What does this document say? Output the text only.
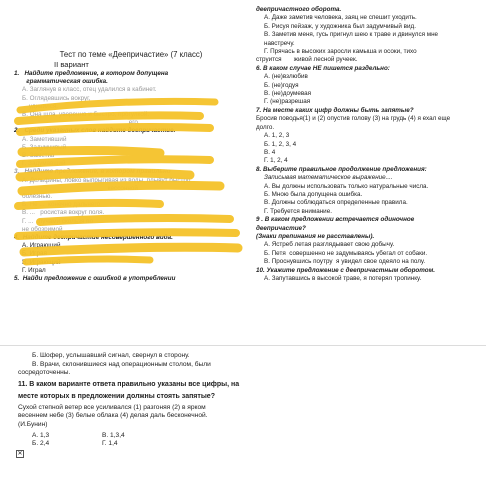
Тест по теме «Деепричастие» (7 класс)
II вариант
1.   Найдите предложение, в котором допущена
грамматическая ошибка.
А. Заглянув в класс, отец удалился в кабинет.
Б. Оглядевшись вокруг,
удивился.
В. Она шла, уверенно и быстро, прогулкой.
его.
2.   Среди указанных слов найдите деепричастие.
А. Заметивший
Б. Задумчивый
В. Заметив
Г. Задумавший
3.   Найдите предложение, в котором правильно
А. Дельфины, ловко выпрыгивая из воды, плывут быстро
кессонной
болезнью.
Б. Не ...  конечно дальнего
В. ...   росистая вокруг поля.
Г. ...   лучами скользя по
не обозримой
4.  Найдите деепричастие несовершенного вида.
А. Играющий
Б. Играя
В. Играющий
Г. Играл
5.  Найди предложение с ошибкой в употреблении
деепричастного оборота.
А. Даже заметив человека, заяц не спешит уходить.
Б. Рисуя пейзаж, у художника был задумчивый вид.
В. Заметив меня, гусь пригнул шею к траве и двинулся мне
навстречу.
Г. Прячась в высоких заросли камыша и осоки, тихо
струится       живой лесной ручеек.
6. В каком случае НЕ пишется раздельно:
А. (не)взлюбив
Б. (не)годуя
В. (не)доумевая
Г. (не)разрешая
7. На месте каких цифр должны быть запятые?
Бросив поводья(1) и (2) опустив голову (3) на грудь (4) я ехал еще
долго.
А. 1, 2, 3
Б. 1, 2, 3, 4
В. 4
Г. 1, 2, 4
8. Выберите правильное продолжение предложения:
Записывая математическое выражение....
А. Вы должны использовать только натуральные числа.
Б. Мною была допущена ошибка.
В. Должны соблюдаться определенные правила.
Г. Требуется внимание.
9 . В каком предложении встречается одиночное
деепричастие?
(Знаки препинания не расставлены).
А. Ястреб летая разглядывает свою добычу.
Б. Петя  совершенно не задумываясь убегал от собаки.
В. Проснувшись поутру  я увидел свое одеяло на полу.
10. Укажите предложение с деепричастным оборотом.
А. Запутавшись в высокой траве, я потерял тропинку.
Б. Шофер, услышавший сигнал, свернул в сторону.
В. Врачи, склонившиеся над операционным столом, были
сосредоточенны.
11. В каком варианте ответа правильно указаны все цифры, на
месте которых в предложении должны стоять запятые?
Сухой степной ветер все усиливался (1) разгоняя (2) в ярком
весеннем небе (3) белые облака (4) делая даль бесконечной.
(И.Бунин)
А. 1,3	В. 1,3,4
Б. 2,4	Г. 1,4
✕
